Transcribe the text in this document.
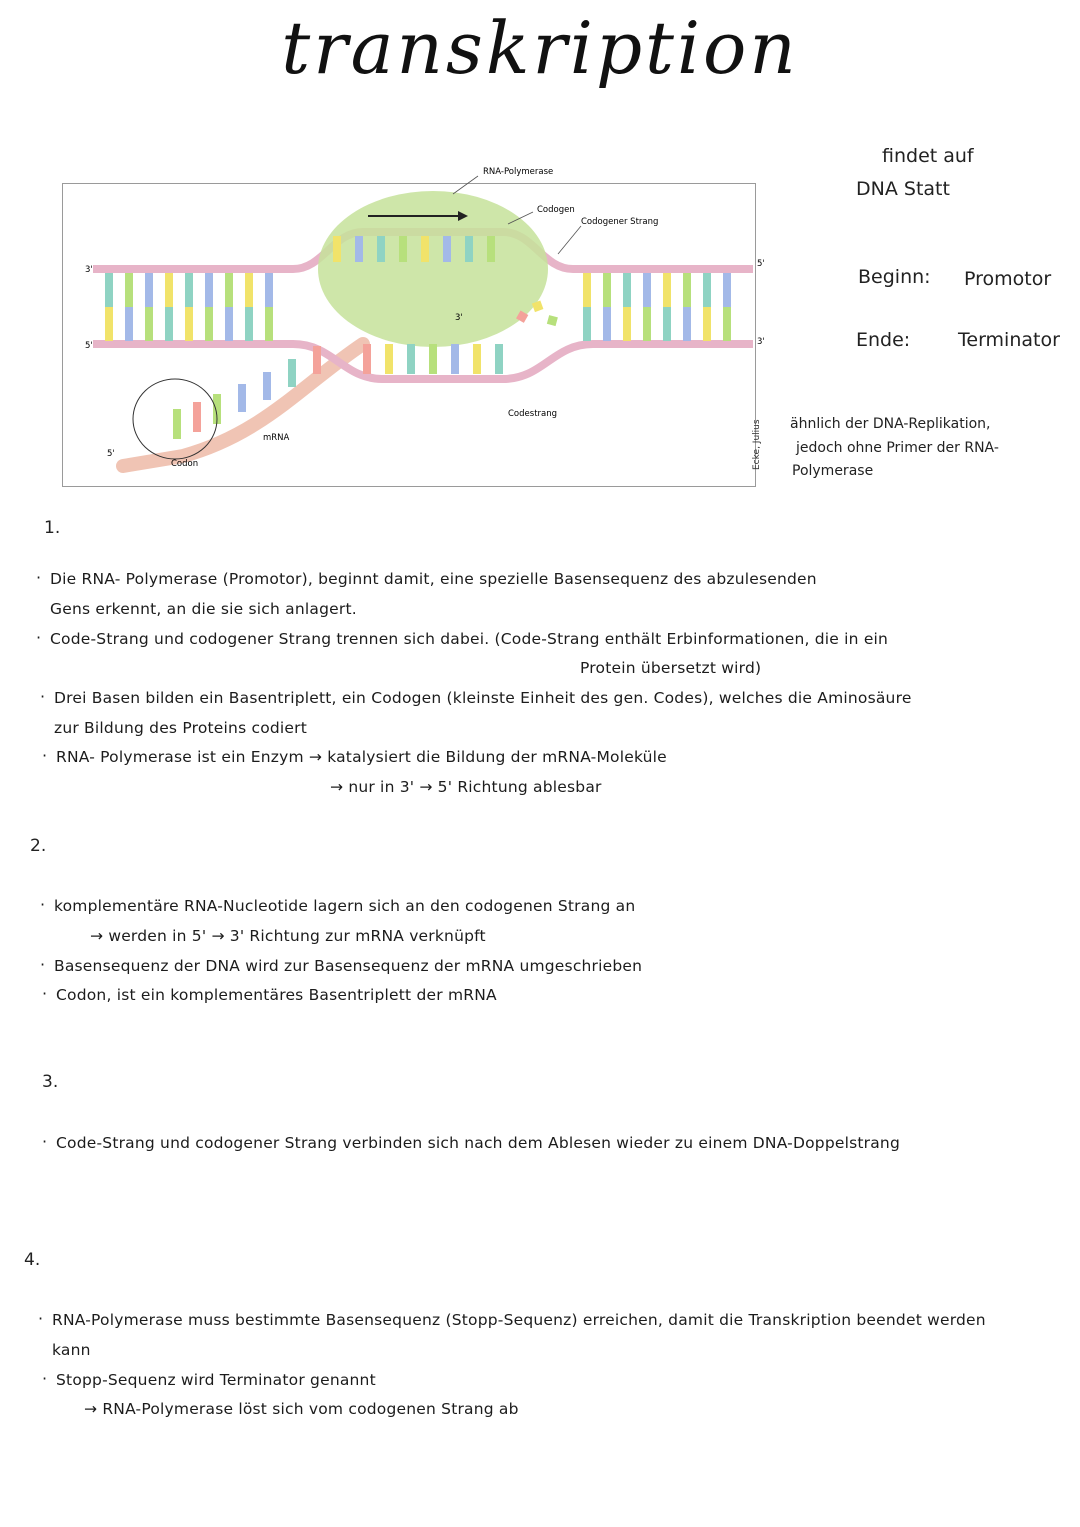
transkription
RNA-Polymerase
Codogen
Codogener Strang
Codestrang
mRNA
Codon
3'
5'
5'
3'
3'
5'	Ecke, Julius
findet auf
DNA Statt
Beginn: Promotor
Ende:	Terminator
ähnlich der DNA-Replikation,
jedoch ohne Primer der RNA-
Polymerase
1.
· Die RNA- Polymerase (Promotor), beginnt damit, eine spezielle Basensequenz des abzulesenden
Gens erkennt, an die sie sich anlagert.
· Code-Strang und codogener Strang trennen sich dabei. (Code-Strang enthält Erbinformationen, die in ein
Protein übersetzt wird)
· Drei Basen bilden ein Basentriplett, ein Codogen (kleinste Einheit des gen. Codes), welches die Aminosäure
zur Bildung des Proteins codiert
· RNA- Polymerase ist ein Enzym → katalysiert die Bildung der mRNA-Moleküle
→ nur in 3' → 5' Richtung ablesbar
2.
· komplementäre RNA-Nucleotide lagern sich an den codogenen Strang an
→ werden in 5' → 3' Richtung zur mRNA verknüpft
· Basensequenz der DNA wird zur Basensequenz der mRNA umgeschrieben
· Codon, ist ein komplementäres Basentriplett der mRNA
3.
· Code-Strang und codogener Strang verbinden sich nach dem Ablesen wieder zu einem DNA-Doppelstrang
4.
· RNA-Polymerase muss bestimmte Basensequenz (Stopp-Sequenz) erreichen, damit die Transkription beendet werden
kann
· Stopp-Sequenz wird Terminator genannt
→ RNA-Polymerase löst sich vom codogenen Strang ab
